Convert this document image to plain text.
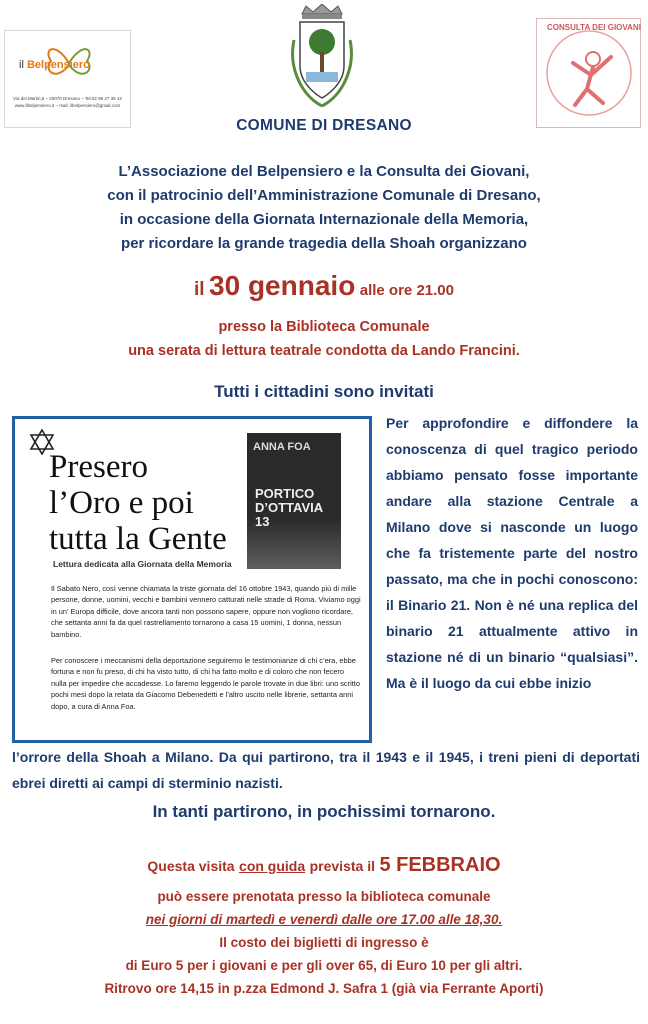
il Belpensiero
Via dei Martiri,6 – 20070 Dresano – Tel.02 98 27 35 12
www.ilbelpensiero.it – mail: ilbelpensiero@gmail.com
CONSULTA DEI GIOVANI
COMUNE DI DRESANO
L’Associazione del Belpensiero e la Consulta dei Giovani,
con il patrocinio dell’Amministrazione Comunale di Dresano,
in occasione della Giornata Internazionale della Memoria,
per ricordare la grande tragedia della Shoah organizzano
il 30 gennaio alle ore 21.00
presso la Biblioteca Comunale
una serata di lettura teatrale condotta da Lando Francini.
Tutti i cittadini sono invitati
Presero
l’Oro e poi
tutta la Gente
Lettura dedicata alla Giornata della Memoria
ANNA FOA
PORTICO
D’OTTAVIA
13
Il Sabato Nero, così venne chiamata la triste giornata del 16 ottobre 1943, quando più di mille persone, donne, uomini, vecchi e bambini vennero catturati nelle strade di Roma. Viviamo oggi in un’ Europa difficile, dove ancora tanti non possono sapere, oppure non vogliono ricordare, che settanta anni fa da quel rastrellamento tornarono a casa 15 uomini, 1 donna, nessun bambino.
Per conoscere i meccanismi della deportazione seguiremo le testimonianze di chi c’era, ebbe fortuna e non fu preso, di chi ha visto tutto, di chi ha fatto molto e di coloro che non fecero nulla per impedire che accadesse. Lo faremo leggendo le parole trovate in due libri: uno scritto pochi mesi dopo la retata da Giacomo Debenedetti e l’altro uscito nelle librerie, settanta anni dopo, a cura di Anna Foa.
Per approfondire e diffondere la conoscenza di quel tragico periodo abbiamo pensato fosse importante andare alla stazione Centrale a Milano dove si nasconde un luogo che fa tristemente parte del nostro passato, ma che in pochi conoscono: il Binario 21. Non è né una replica del binario 21 attualmente attivo in stazione né di un binario “qualsiasi”. Ma è il luogo da cui ebbe inizio
l’orrore della Shoah a Milano. Da qui partirono, tra il 1943 e il 1945, i treni pieni di deportati ebrei diretti ai campi di sterminio nazisti.
In tanti partirono, in pochissimi tornarono.
Questa visita con guida prevista il 5 FEBBRAIO
può essere prenotata presso la biblioteca comunale
nei giorni di martedì e venerdì dalle ore 17.00 alle 18,30.
Il costo dei biglietti di ingresso è
di Euro 5 per i giovani e per gli over 65, di Euro 10 per gli altri.
Ritrovo ore 14,15 in p.zza Edmond J. Safra 1 (già via Ferrante Aporti)
